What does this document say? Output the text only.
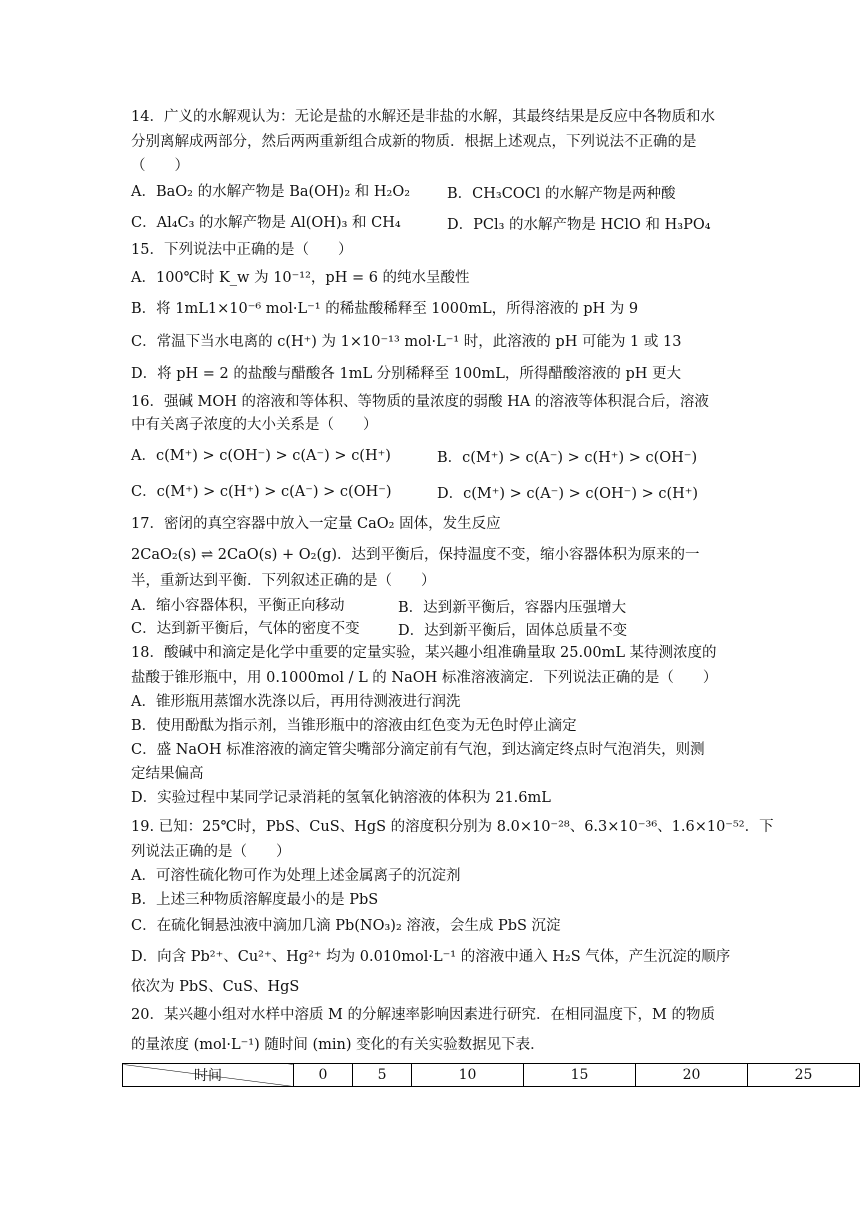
14．广义的水解观认为：无论是盐的水解还是非盐的水解，其最终结果是反应中各物质和水
分别离解成两部分，然后两两重新组合成新的物质．根据上述观点，下列说法不正确的是
（　　）
A．BaO₂ 的水解产物是 Ba(OH)₂ 和 H₂O₂	B．CH₃COCl 的水解产物是两种酸
C．Al₄C₃ 的水解产物是 Al(OH)₃ 和 CH₄	D．PCl₃ 的水解产物是 HClO 和 H₃PO₄
15．下列说法中正确的是（　　）
A．100℃时 K_w 为 10⁻¹²，pH = 6 的纯水呈酸性
B．将 1mL1×10⁻⁶ mol·L⁻¹ 的稀盐酸稀释至 1000mL，所得溶液的 pH 为 9
C．常温下当水电离的 c(H⁺) 为 1×10⁻¹³ mol·L⁻¹ 时，此溶液的 pH 可能为 1 或 13
D．将 pH = 2 的盐酸与醋酸各 1mL 分别稀释至 100mL，所得醋酸溶液的 pH 更大
16．强碱 MOH 的溶液和等体积、等物质的量浓度的弱酸 HA 的溶液等体积混合后，溶液
中有关离子浓度的大小关系是（　　）
A．c(M⁺) > c(OH⁻) > c(A⁻) > c(H⁺)	B．c(M⁺) > c(A⁻) > c(H⁺) > c(OH⁻)
C．c(M⁺) > c(H⁺) > c(A⁻) > c(OH⁻)	D．c(M⁺) > c(A⁻) > c(OH⁻) > c(H⁺)
17．密闭的真空容器中放入一定量 CaO₂ 固体，发生反应
2CaO₂(s) ⇌ 2CaO(s) + O₂(g)．达到平衡后，保持温度不变，缩小容器体积为原来的一
半，重新达到平衡．下列叙述正确的是（　　）
A．缩小容器体积，平衡正向移动	B．达到新平衡后，容器内压强增大
C．达到新平衡后，气体的密度不变	D．达到新平衡后，固体总质量不变
18．酸碱中和滴定是化学中重要的定量实验，某兴趣小组准确量取 25.00mL 某待测浓度的
盐酸于锥形瓶中，用 0.1000mol / L 的 NaOH 标准溶液滴定．下列说法正确的是（　　）
A．锥形瓶用蒸馏水洗涤以后，再用待测液进行润洗
B．使用酚酞为指示剂，当锥形瓶中的溶液由红色变为无色时停止滴定
C．盛 NaOH 标准溶液的滴定管尖嘴部分滴定前有气泡，到达滴定终点时气泡消失，则测
定结果偏高
D．实验过程中某同学记录消耗的氢氧化钠溶液的体积为 21.6mL
19. 已知：25℃时，PbS、CuS、HgS 的溶度积分别为 8.0×10⁻²⁸、6.3×10⁻³⁶、1.6×10⁻⁵²．下
列说法正确的是（　　）
A．可溶性硫化物可作为处理上述金属离子的沉淀剂
B．上述三种物质溶解度最小的是 PbS
C．在硫化铜悬浊液中滴加几滴 Pb(NO₃)₂ 溶液，会生成 PbS 沉淀
D．向含 Pb²⁺、Cu²⁺、Hg²⁺ 均为 0.010mol·L⁻¹ 的溶液中通入 H₂S 气体，产生沉淀的顺序
依次为 PbS、CuS、HgS
20．某兴趣小组对水样中溶质 M 的分解速率影响因素进行研究．在相同温度下，M 的物质
的量浓度 (mol·L⁻¹) 随时间 (min) 变化的有关实验数据见下表．
时间	0	5	10	15	20	25
